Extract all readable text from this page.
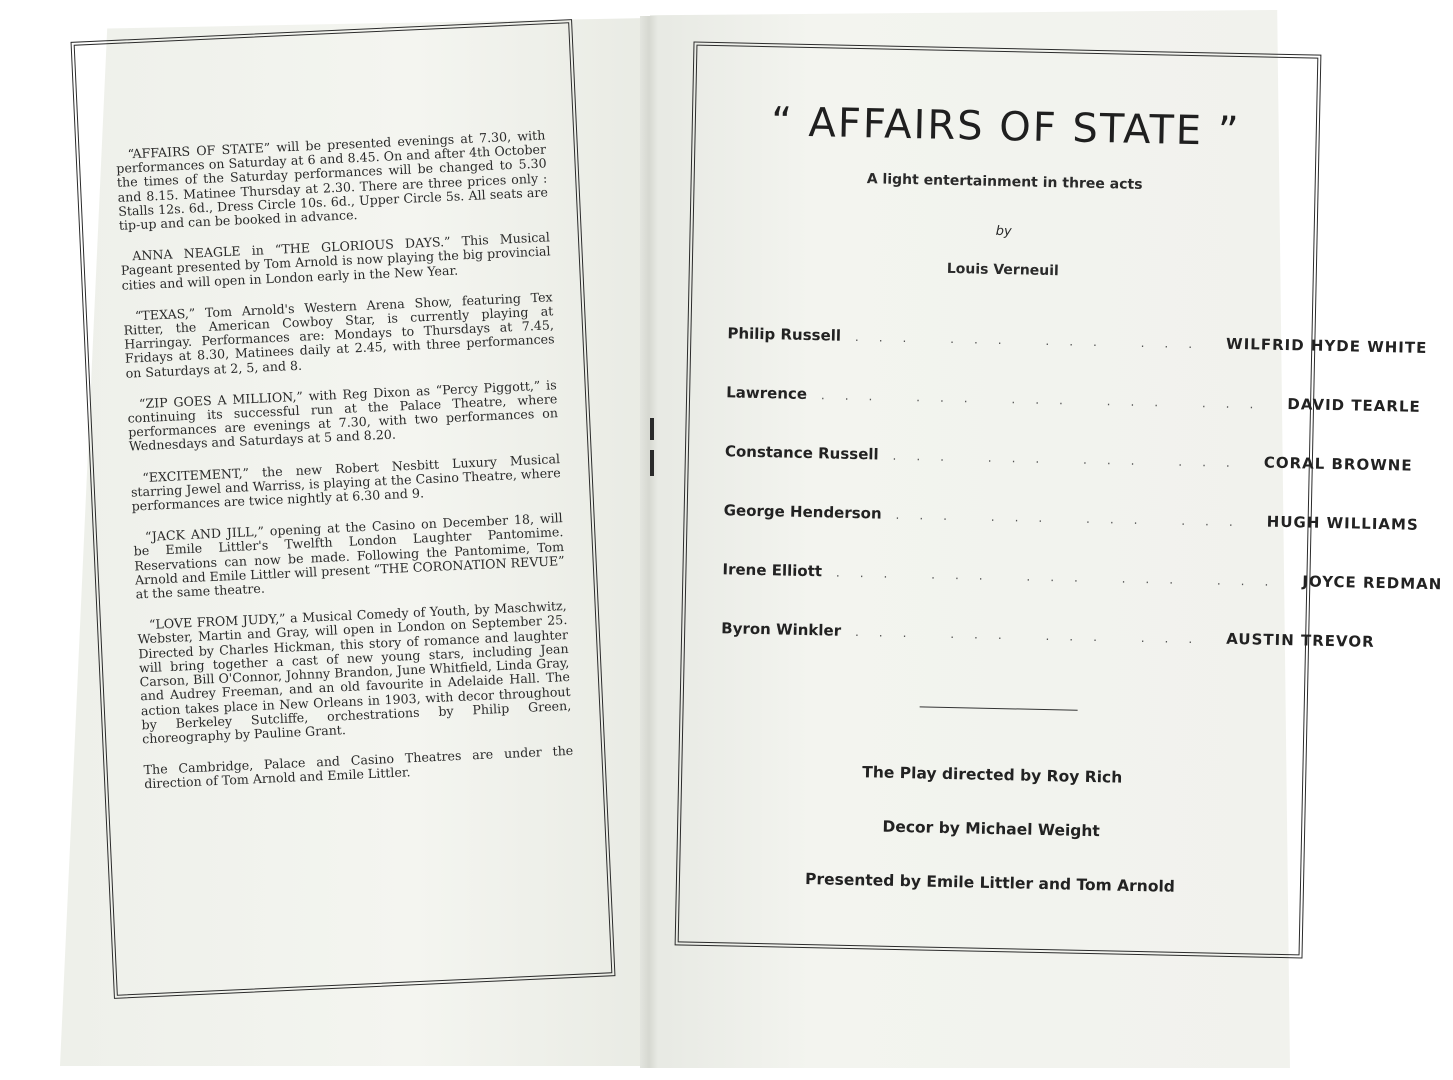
“AFFAIRS OF STATE” will be presented evenings at 7.30, with performances on Saturday at 6 and 8.45. On and after 4th October the times of the Saturday performances will be changed to 5.30 and 8.15. Matinee Thursday at 2.30. There are three prices only : Stalls 12s. 6d., Dress Circle 10s. 6d., Upper Circle 5s. All seats are tip-up and can be booked in advance.

ANNA NEAGLE in “THE GLORIOUS DAYS.” This Musical Pageant presented by Tom Arnold is now playing the big provincial cities and will open in London early in the New Year.

“TEXAS,” Tom Arnold's Western Arena Show, featuring Tex Ritter, the American Cowboy Star, is currently playing at Harringay. Performances are: Mondays to Thursdays at 7.45, Fridays at 8.30, Matinees daily at 2.45, with three performances on Saturdays at 2, 5, and 8.

“ZIP GOES A MILLION,” with Reg Dixon as “Percy Piggott,” is continuing its successful run at the Palace Theatre, where performances are evenings at 7.30, with two performances on Wednesdays and Saturdays at 5 and 8.20.

“EXCITEMENT,” the new Robert Nesbitt Luxury Musical starring Jewel and Warriss, is playing at the Casino Theatre, where performances are twice nightly at 6.30 and 9.

“JACK AND JILL,” opening at the Casino on December 18, will be Emile Littler's Twelfth London Laughter Pantomime. Reservations can now be made. Following the Pantomime, Tom Arnold and Emile Littler will present “THE CORONATION REVUE” at the same theatre.

“LOVE FROM JUDY,” a Musical Comedy of Youth, by Maschwitz, Webster, Martin and Gray, will open in London on September 25. Directed by Charles Hickman, this story of romance and laughter will bring together a cast of new young stars, including Jean Carson, Bill O'Connor, Johnny Brandon, June Whitfield, Linda Gray, and Audrey Freeman, and an old favourite in Adelaide Hall. The action takes place in New Orleans in 1903, with decor throughout by Berkeley Sutcliffe, orchestrations by Philip Green, choreography by Pauline Grant.

The Cambridge, Palace and Casino Theatres are under the direction of Tom Arnold and Emile Littler.

“ AFFAIRS OF STATE ”
A light entertainment in three acts
by
Louis Verneuil
Philip Russell ... ... ... ... WILFRID HYDE WHITE
Lawrence ... ... ... ... ... DAVID TEARLE
Constance Russell ... ... ... ... CORAL BROWNE
George Henderson ... ... ... ... HUGH WILLIAMS
Irene Elliott ... ... ... ... ... JOYCE REDMAN
Byron Winkler ... ... ... ... AUSTIN TREVOR
The Play directed by Roy Rich
Decor by Michael Weight
Presented by Emile Littler and Tom Arnold
